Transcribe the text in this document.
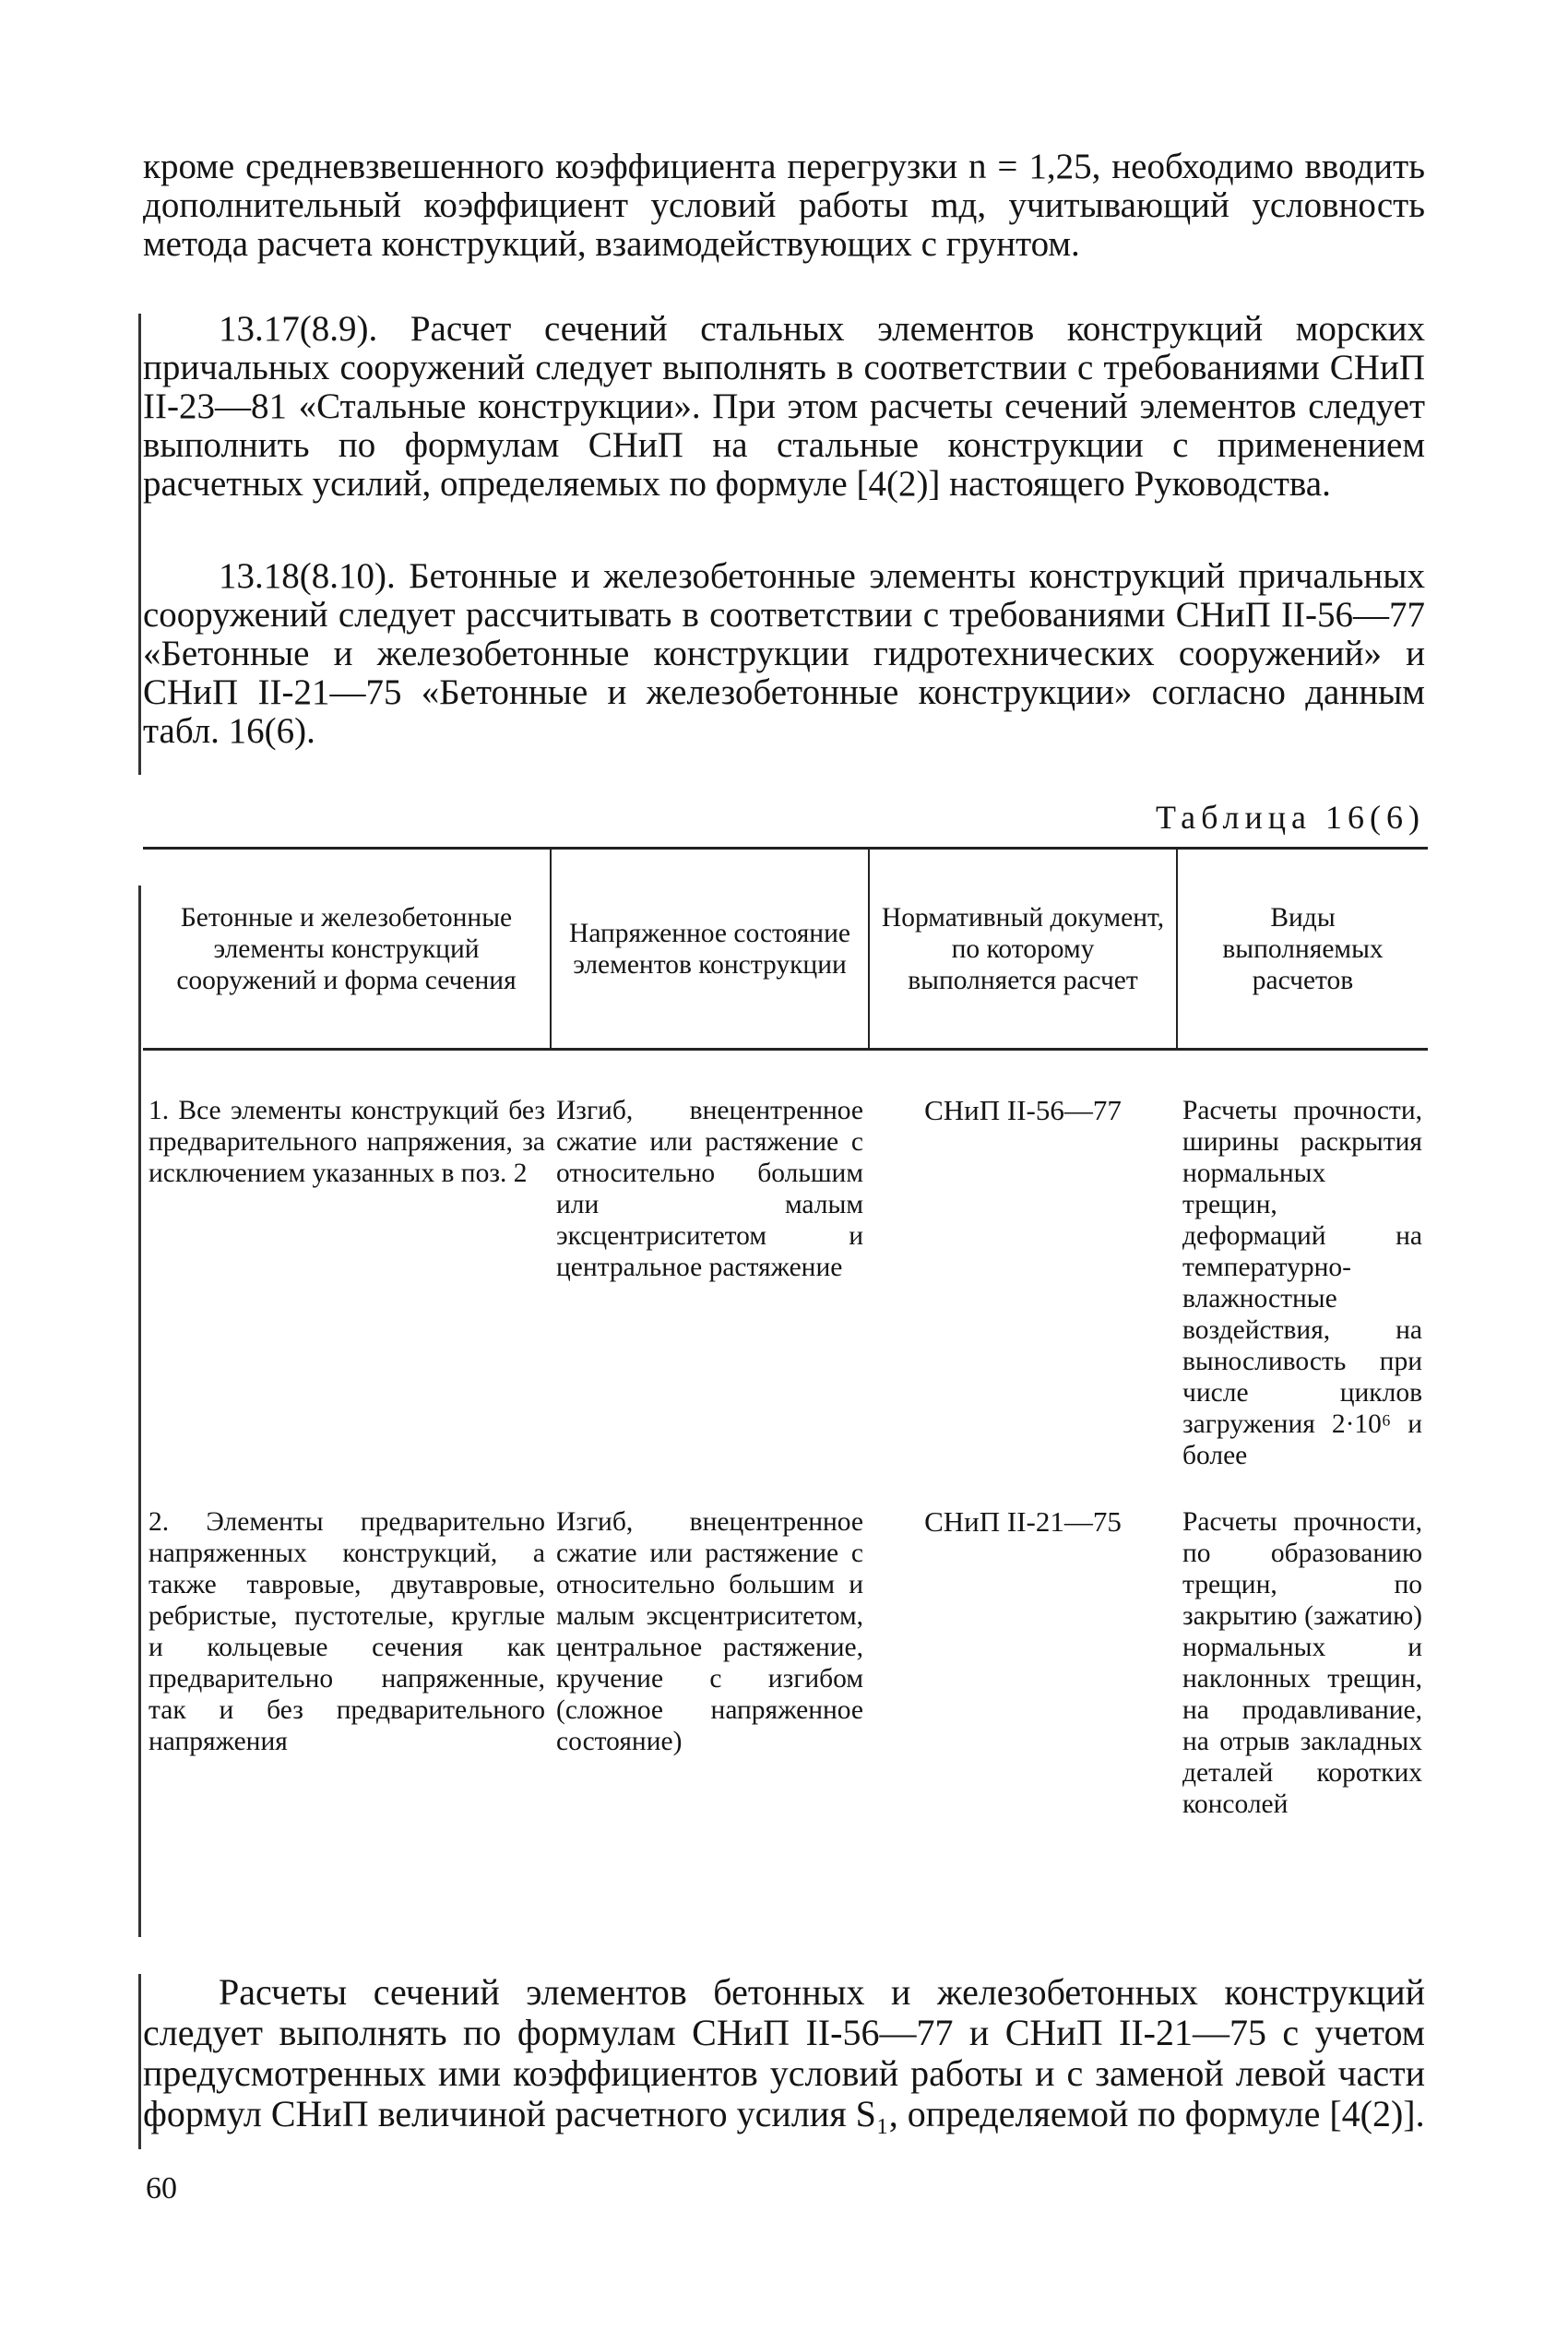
кроме средневзвешенного коэффициента перегрузки n = 1,25, необходимо вводить дополнительный коэффициент условий работы mд, учитывающий условность метода расчета конструкций, взаимодействующих с грунтом.

13.17(8.9). Расчет сечений стальных элементов конструкций морских причальных сооружений следует выполнять в соответствии с требованиями СНиП II-23—81 «Стальные конструкции». При этом расчеты сечений элементов следует выполнить по формулам СНиП на стальные конструкции с применением расчетных усилий, определяемых по формуле [4(2)] настоящего Руководства.

13.18(8.10). Бетонные и железобетонные элементы конструкций причальных сооружений следует рассчитывать в соответствии с требованиями СНиП II-56—77 «Бетонные и железобетонные конструкции гидротехнических сооружений» и СНиП II-21—75 «Бетонные и железобетонные конструкции» согласно данным табл. 16(6).

Таблица 16(6)
Бетонные и железобетонные элементы конструкций сооружений и форма сечения	Напряженное состояние элементов конструкции	Нормативный документ, по которому выполняется расчет	Виды выполняемых расчетов
1. Все элементы конструкций без предварительного напряжения, за исключением указанных в поз. 2	Изгиб, внецентренное сжатие или растяжение с относительно большим или малым эксцентриситетом и центральное растяжение	СНиП II-56—77	Расчеты прочности, ширины раскрытия нормальных трещин, деформаций на температурно-влажностные воздействия, на выносливость при числе циклов загружения 2·10⁶ и более
2. Элементы предварительно напряженных конструкций, а также тавровые, двутавровые, ребристые, пустотелые, круглые и кольцевые сечения как предварительно напряженные, так и без предварительного напряжения	Изгиб, внецентренное сжатие или растяжение с относительно большим и малым эксцентриситетом, центральное растяжение, кручение с изгибом (сложное напряженное состояние)	СНиП II-21—75	Расчеты прочности, по образованию трещин, по закрытию (зажатию) нормальных и наклонных трещин, на продавливание, на отрыв закладных деталей коротких консолей

Расчеты сечений элементов бетонных и железобетонных конструкций следует выполнять по формулам СНиП II-56—77 и СНиП II-21—75 с учетом предусмотренных ими коэффициентов условий работы и с заменой левой части формул СНиП величиной расчетного усилия S₁, определяемой по формуле [4(2)].

60
